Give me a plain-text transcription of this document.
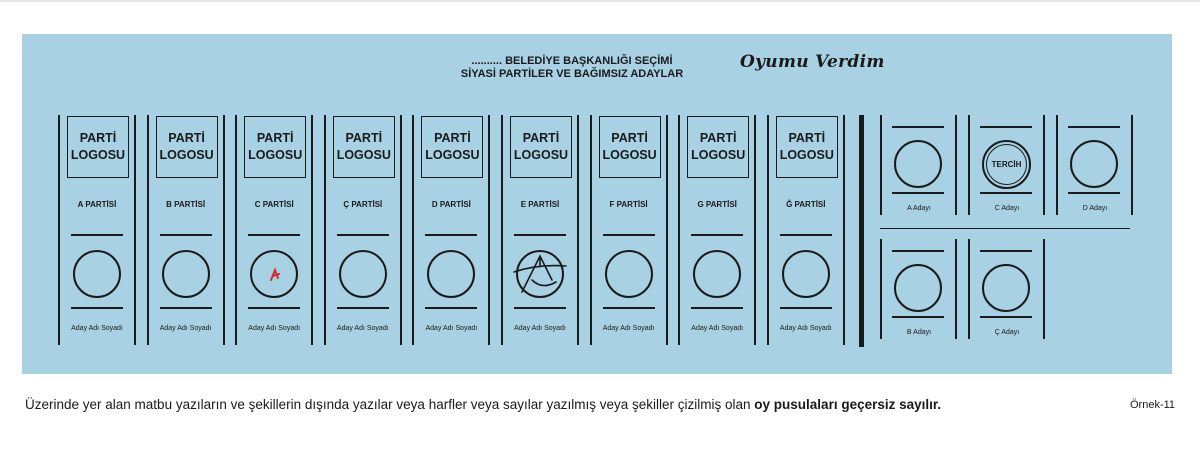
.......... BELEDİYE BAŞKANLIĞI SEÇİMİ
SİYASİ PARTİLER VE BAĞIMSIZ ADAYLAR
Oyumu Verdim
PARTİ
LOGOSU
A PARTİSİ
Aday Adı Soyadı
PARTİ
LOGOSU
B PARTİSİ
Aday Adı Soyadı
PARTİ
LOGOSU
C PARTİSİ
Aday Adı Soyadı
PARTİ
LOGOSU
Ç PARTİSİ
Aday Adı Soyadı
PARTİ
LOGOSU
D PARTİSİ
Aday Adı Soyadı
PARTİ
LOGOSU
E PARTİSİ
Aday Adı Soyadı
PARTİ
LOGOSU
F PARTİSİ
Aday Adı Soyadı
PARTİ
LOGOSU
G PARTİSİ
Aday Adı Soyadı
PARTİ
LOGOSU
Ğ PARTİSİ
Aday Adı Soyadı
A Adayı
TERCİH
C Adayı	D Adayı
B Adayı	Ç Adayı
Üzerinde yer alan matbu yazıların ve şekillerin dışında yazılar veya harfler veya sayılar yazılmış veya şekiller çizilmiş olan oy pusulaları geçersiz sayılır.	Örnek-11
